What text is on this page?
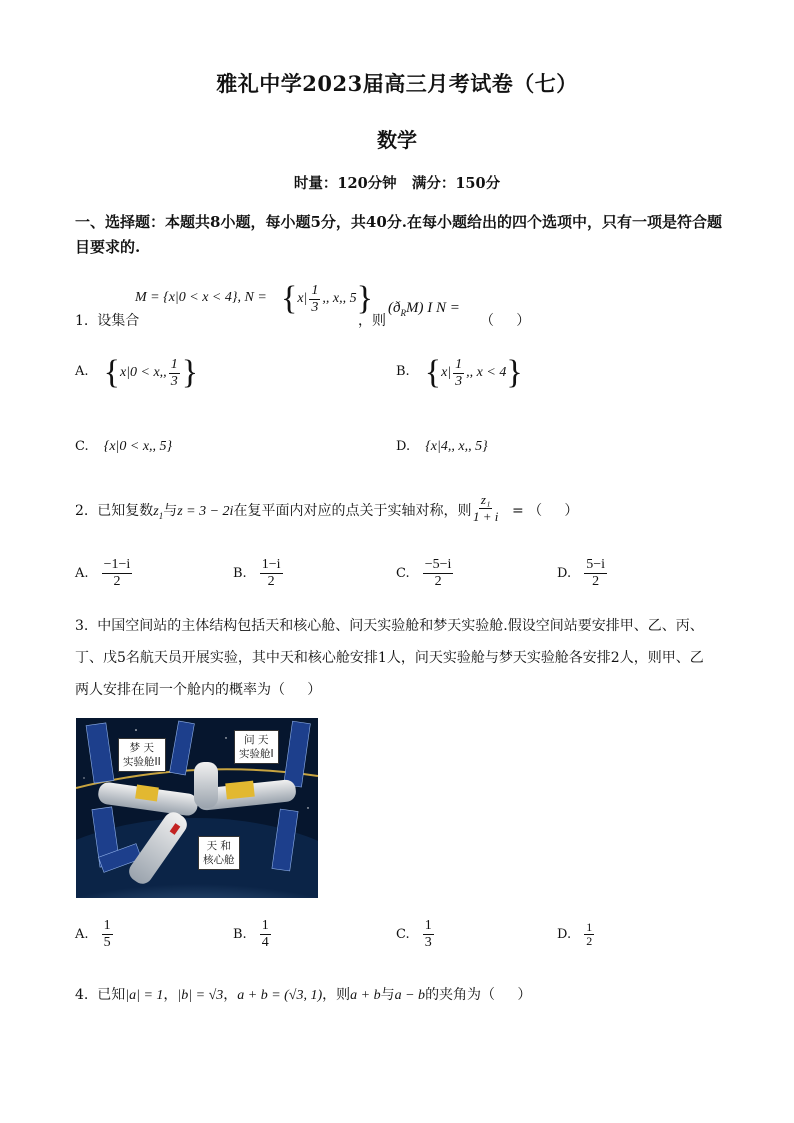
雅礼中学2023届高三月考试卷（七）
数学
时量：120分钟   满分：150分
一、选择题：本题共8小题，每小题5分，共40分.在每小题给出的四个选项中，只有一项是符合题目要求的.
1.  设集合
M = {x|0 < x < 4}, $N = \{x| \frac{1}{3}$ ,, x,, 5}
，则
$(ð_RM)$ I N =
（     ）
A. {x|0 < x,, $\frac{1}{3}$ }	B. {$x| \frac{1}{3}$ ,, x < 4}
C. {x|0 < x,, 5}	D. {x|4,, x,, 5}
2.  已知复数$z_1$与z = 3 − 2i在复平面内对应的点关于实轴对称，则 $\frac{\text{z₁}}{1 + i}$ = （     ）
A. $\frac{-1-i}{2}$	B. $\frac{1-i}{2}$	C. $\frac{-5-i}{2}$	D. $\frac{5-i}{2}$
3.  中国空间站的主体结构包括天和核心舱、问天实验舱和梦天实验舱.假设空间站要安排甲、乙、丙、
丁、戊5名航天员开展实验，其中天和核心舱安排1人，问天实验舱与梦天实验舱各安排2人，则甲、乙
两人安排在同一个舱内的概率为（     ）
梦 天
实验舱II
问 天
实验舱I
天 和
核心舱
A. $\frac{1}{5}$	B. $\frac{1}{4}$	C. $\frac{1}{3}$	D. $\frac{1}{2}$
4.  已知|a| = 1，|b| = √3，a + b = (√3, 1)，则a + b与a − b的夹角为（     ）
